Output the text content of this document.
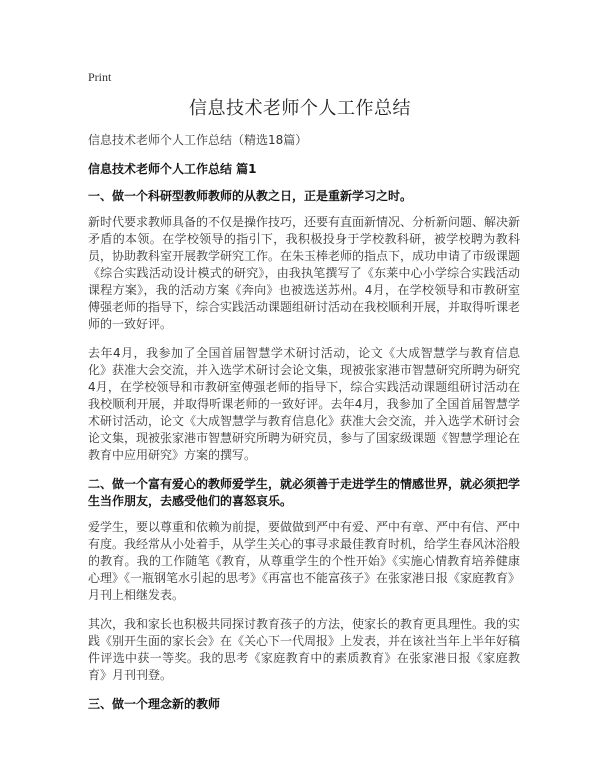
Print
信息技术老师个人工作总结

信息技术老师个人工作总结（精选18篇）

信息技术老师个人工作总结 篇1

一、做一个科研型教师教师的从教之日，正是重新学习之时。

新时代要求教师具备的不仅是操作技巧，还要有直面新情况、分析新问题、解决新矛盾的本领。在学校领导的指引下，我积极投身于学校教科研，被学校聘为教科员，协助教科室开展教学研究工作。在朱玉棒老师的指点下，成功申请了市级课题《综合实践活动设计模式的研究》，由我执笔撰写了《东莱中心小学综合实践活动课程方案》，我的活动方案《奔向》也被选送苏州。4月，在学校领导和市教研室傅强老师的指导下，综合实践活动课题组研讨活动在我校顺利开展，并取得听课老师的一致好评。

去年4月，我参加了全国首届智慧学术研讨活动，论文《大成智慧学与教育信息化》获准大会交流，并入选学术研讨会论文集，现被张家港市智慧研究所聘为研究4月，在学校领导和市教研室傅强老师的指导下，综合实践活动课题组研讨活动在我校顺利开展，并取得听课老师的一致好评。去年4月，我参加了全国首届智慧学术研讨活动，论文《大成智慧学与教育信息化》获准大会交流，并入选学术研讨会论文集，现被张家港市智慧研究所聘为研究员，参与了国家级课题《智慧学理论在教育中应用研究》方案的撰写。

二、做一个富有爱心的教师爱学生，就必须善于走进学生的情感世界，就必须把学生当作朋友，去感受他们的喜怒哀乐。

爱学生，要以尊重和依赖为前提，要做做到严中有爱、严中有章、严中有信、严中有度。我经常从小处着手，从学生关心的事寻求最佳教育时机，给学生春风沐浴般的教育。我的工作随笔《教育，从尊重学生的个性开始》《实施心情教育培养健康心理》《一瓶钢笔水引起的思考》《再富也不能富孩子》在张家港日报《家庭教育》月刊上相继发表。

其次，我和家长也积极共同探讨教育孩子的方法，使家长的教育更具理性。我的实践《别开生面的家长会》在《关心下一代周报》上发表，并在该社当年上半年好稿件评选中获一等奖。我的思考《家庭教育中的素质教育》在张家港日报《家庭教育》月刊刊登。

三、做一个理念新的教师
